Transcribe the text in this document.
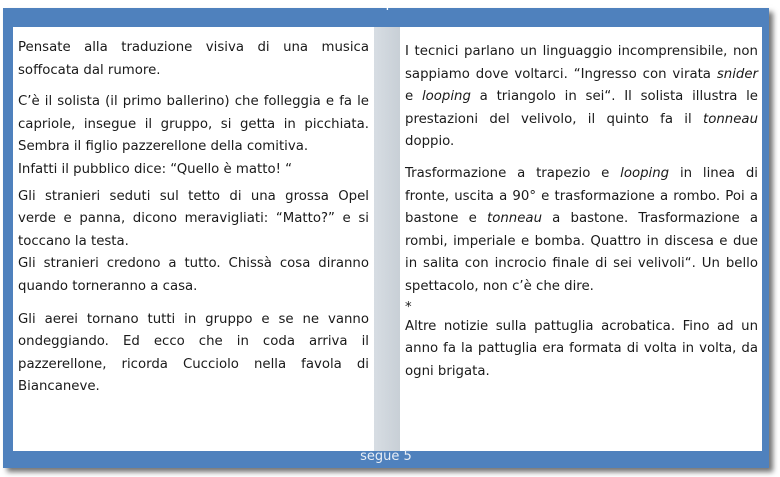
4

Pensate alla traduzione visiva di una musica soffocata dal rumore.

C’è il solista (il primo ballerino) che folleggia e fa le capriole, insegue il gruppo, si getta in picchiata. Sembra il figlio pazzerellone della comitiva.

Infatti il pubblico dice: “Quello è matto! “

Gli stranieri seduti sul tetto di una grossa Opel verde e panna, dicono meravigliati: “Matto?” e si toccano la testa.

Gli stranieri credono a tutto. Chissà cosa diranno quando torneranno a casa.

Gli aerei tornano tutti in gruppo e se ne vanno ondeggiando. Ed ecco che in coda arriva il pazzerellone, ricorda Cucciolo nella favola di Biancaneve.

I tecnici parlano un linguaggio incomprensibile, non sappiamo dove voltarci. “Ingresso con virata snider e looping a triangolo in sei“. Il solista illustra le prestazioni del velivolo, il quinto fa il tonneau doppio.

Trasformazione a trapezio e looping in linea di fronte, uscita a 90° e trasformazione a rombo. Poi a bastone e tonneau a bastone. Trasformazione a rombi, imperiale e bomba. Quattro in discesa e due in salita con incrocio finale di sei velivoli“. Un bello spettacolo, non c’è che dire.

*

Altre notizie sulla pattuglia acrobatica. Fino ad un anno fa la pattuglia era formata di volta in volta, da ogni brigata.

segue 5
